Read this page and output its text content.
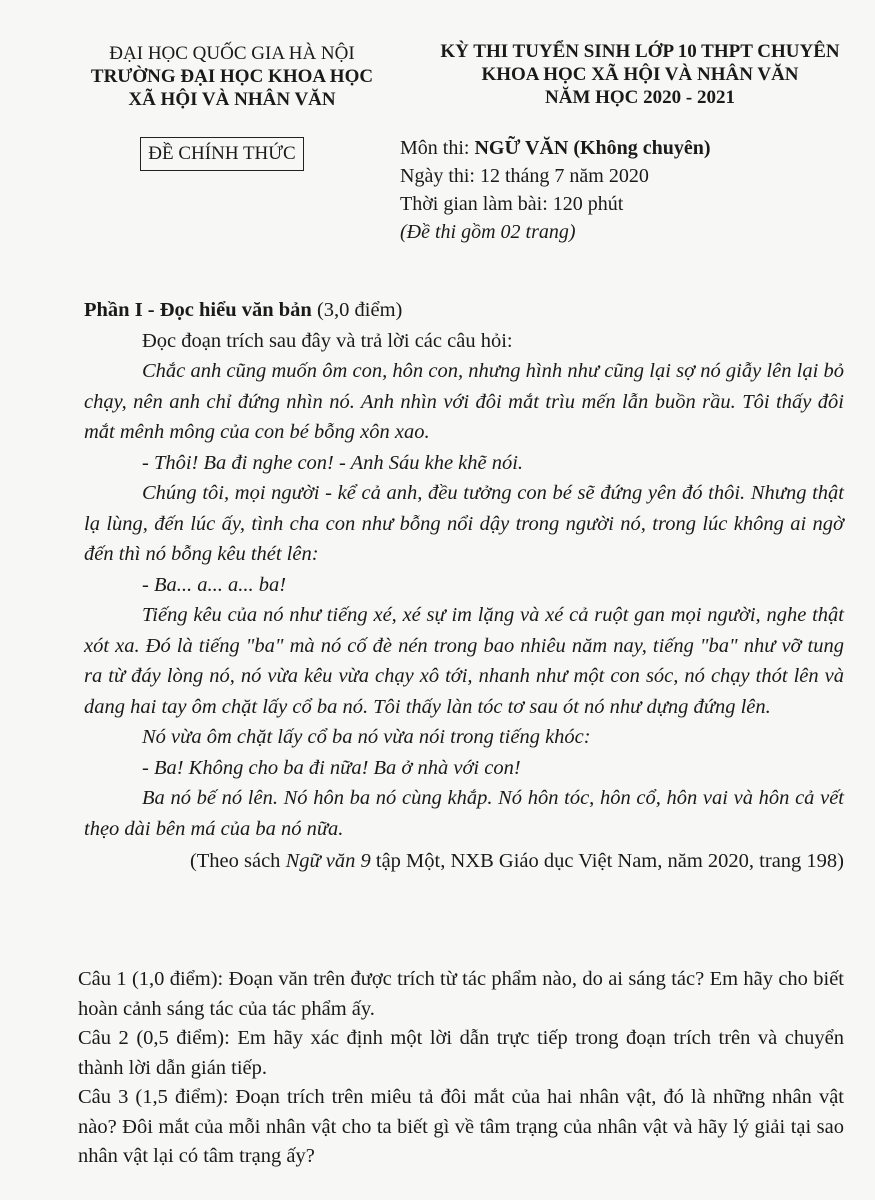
ĐẠI HỌC QUỐC GIA HÀ NỘI
TRƯỜNG ĐẠI HỌC KHOA HỌC
XÃ HỘI VÀ NHÂN VĂN
KỲ THI TUYỂN SINH LỚP 10 THPT CHUYÊN
KHOA HỌC XÃ HỘI VÀ NHÂN VĂN
NĂM HỌC 2020 - 2021
ĐỀ CHÍNH THỨC	Môn thi: NGỮ VĂN (Không chuyên)
Ngày thi: 12 tháng 7 năm 2020
Thời gian làm bài: 120 phút
(Đề thi gồm 02 trang)

Phần I - Đọc hiểu văn bản (3,0 điểm)

Đọc đoạn trích sau đây và trả lời các câu hỏi:

Chắc anh cũng muốn ôm con, hôn con, nhưng hình như cũng lại sợ nó giẫy lên lại bỏ chạy, nên anh chỉ đứng nhìn nó. Anh nhìn với đôi mắt trìu mến lẫn buồn rầu. Tôi thấy đôi mắt mênh mông của con bé bỗng xôn xao.

- Thôi! Ba đi nghe con! - Anh Sáu khe khẽ nói.

Chúng tôi, mọi người - kể cả anh, đều tưởng con bé sẽ đứng yên đó thôi. Nhưng thật lạ lùng, đến lúc ấy, tình cha con như bỗng nổi dậy trong người nó, trong lúc không ai ngờ đến thì nó bỗng kêu thét lên:

- Ba... a... a... ba!

Tiếng kêu của nó như tiếng xé, xé sự im lặng và xé cả ruột gan mọi người, nghe thật xót xa. Đó là tiếng "ba" mà nó cố đè nén trong bao nhiêu năm nay, tiếng "ba" như vỡ tung ra từ đáy lòng nó, nó vừa kêu vừa chạy xô tới, nhanh như một con sóc, nó chạy thót lên và dang hai tay ôm chặt lấy cổ ba nó. Tôi thấy làn tóc tơ sau ót nó như dựng đứng lên.

Nó vừa ôm chặt lấy cổ ba nó vừa nói trong tiếng khóc:

- Ba! Không cho ba đi nữa! Ba ở nhà với con!

Ba nó bế nó lên. Nó hôn ba nó cùng khắp. Nó hôn tóc, hôn cổ, hôn vai và hôn cả vết thẹo dài bên má của ba nó nữa.

(Theo sách Ngữ văn 9 tập Một, NXB Giáo dục Việt Nam, năm 2020, trang 198)

Câu 1 (1,0 điểm): Đoạn văn trên được trích từ tác phẩm nào, do ai sáng tác? Em hãy cho biết hoàn cảnh sáng tác của tác phẩm ấy.

Câu 2 (0,5 điểm): Em hãy xác định một lời dẫn trực tiếp trong đoạn trích trên và chuyển thành lời dẫn gián tiếp.

Câu 3 (1,5 điểm): Đoạn trích trên miêu tả đôi mắt của hai nhân vật, đó là những nhân vật nào? Đôi mắt của mỗi nhân vật cho ta biết gì về tâm trạng của nhân vật và hãy lý giải tại sao nhân vật lại có tâm trạng ấy?
